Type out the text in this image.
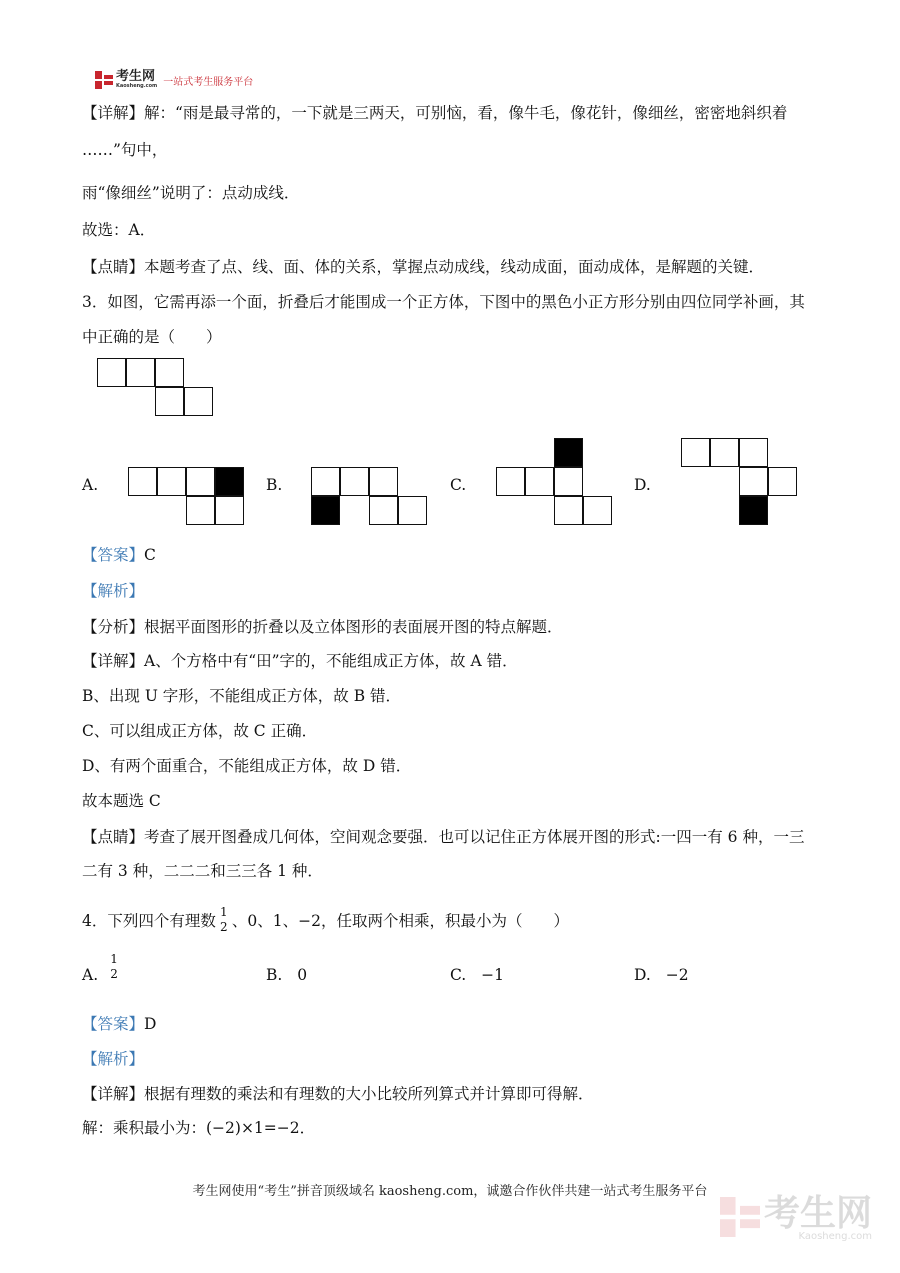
考生网
Kaosheng.com 一站式考生服务平台
【详解】解：“雨是最寻常的，一下就是三两天，可别恼，看，像牛毛，像花针，像细丝，密密地斜织着
……”句中，
雨“像细丝”说明了：点动成线．
故选：A．
【点睛】本题考查了点、线、面、体的关系，掌握点动成线，线动成面，面动成体，是解题的关键．
3．如图，它需再添一个面，折叠后才能围成一个正方体，下图中的黑色小正方形分别由四位同学补画，其
中正确的是（　　）
A.	B.	C.	D.
【答案】C
【解析】
【分析】根据平面图形的折叠以及立体图形的表面展开图的特点解题．
【详解】A、个方格中有“田”字的，不能组成正方体，故 A 错．
B、出现 U 字形，不能组成正方体，故 B 错．
C、可以组成正方体，故 C 正确．
D、有两个面重合，不能组成正方体，故 D 错．
故本题选 C
【点睛】考查了展开图叠成几何体，空间观念要强．也可以记住正方体展开图的形式:一四一有 6 种，一三
二有 3 种，二二二和三三各 1 种．
4．下列四个有理数 1
2 、0、1、−2，任取两个相乘，积最小为（　　）
A.
1
2	B. 0	C. −1	D. −2
【答案】D
【解析】
【详解】根据有理数的乘法和有理数的大小比较所列算式并计算即可得解．
解：乘积最小为：(−2)×1=−2．
考生网使用“考生”拼音顶级域名 kaosheng.com，诚邀合作伙伴共建一站式考生服务平台
考生网
Kaosheng.com
